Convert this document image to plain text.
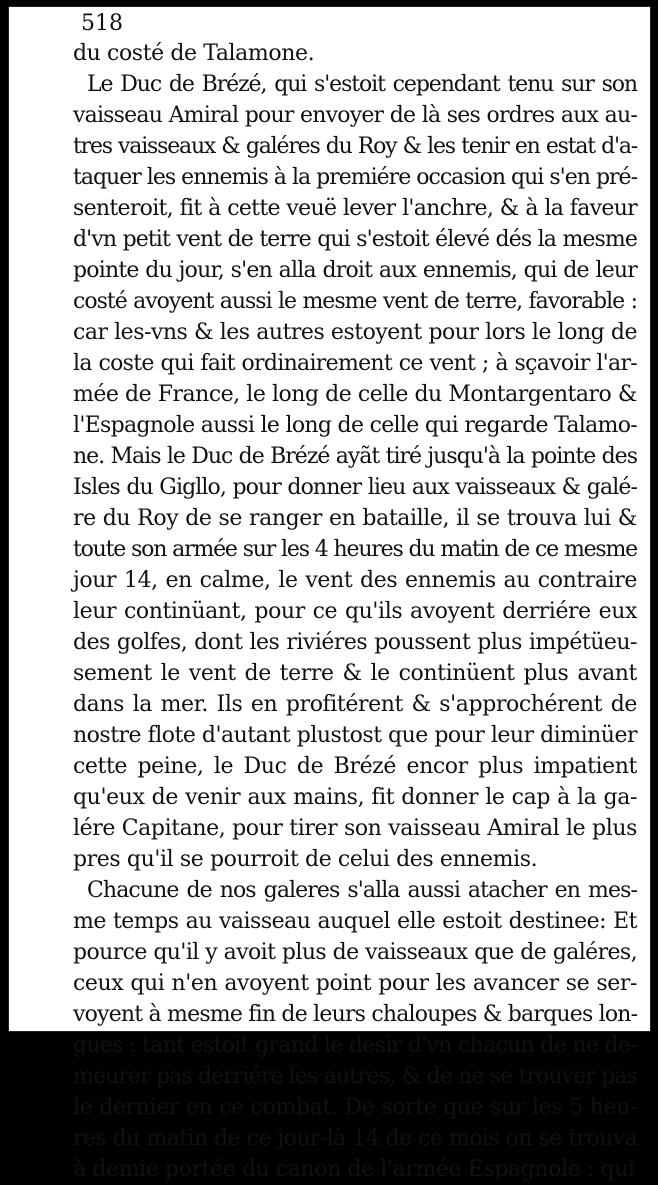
518
du costé de Talamone.
Le Duc de Brézé, qui s'estoit cependant tenu sur son
vaisseau Amiral pour envoyer de là ses ordres aux au-
tres vaisseaux & galéres du Roy & les tenir en estat d'a-
taquer les ennemis à la premiére occasion qui s'en pré-
senteroit, fit à cette veuë lever l'anchre, & à la faveur
d'vn petit vent de terre qui s'estoit élevé dés la mesme
pointe du jour, s'en alla droit aux ennemis, qui de leur
costé avoyent aussi le mesme vent de terre, favorable :
car les-vns & les autres estoyent pour lors le long de
la coste qui fait ordinairement ce vent ; à sçavoir l'ar-
mée de France, le long de celle du Montargentaro &
l'Espagnole aussi le long de celle qui regarde Talamo-
ne. Mais le Duc de Brézé ayãt tiré jusqu'à la pointe des
Isles du Gigllo, pour donner lieu aux vaisseaux & galé-
re du Roy de se ranger en bataille, il se trouva lui &
toute son armée sur les 4 heures du matin de ce mesme
jour 14, en calme, le vent des ennemis au contraire
leur continüant, pour ce qu'ils avoyent derriére eux
des golfes, dont les riviéres poussent plus impétüeu-
sement le vent de terre & le continüent plus avant
dans la mer. Ils en profitérent & s'approchérent de
nostre flote d'autant plustost que pour leur diminüer
cette peine, le Duc de Brézé encor plus impatient
qu'eux de venir aux mains, fit donner le cap à la ga-
lére Capitane, pour tirer son vaisseau Amiral le plus
pres qu'il se pourroit de celui des ennemis.
Chacune de nos galeres s'alla aussi atacher en mes-
me temps au vaisseau auquel elle estoit destinee: Et
pource qu'il y avoit plus de vaisseaux que de galéres,
ceux qui n'en avoyent point pour les avancer se ser-
voyent à mesme fin de leurs chaloupes & barques lon-
gues : tant estoit grand le desir d'vn chacun de ne de-
meurer pas derriére les autres, & de ne se trouver pas
le dernier en ce combat. De sorte que sur les 5 heu-
res du matin de ce jour-là 14 de ce mois on se trouva
à demie portée du canon de l'armée Espagnole : qui
